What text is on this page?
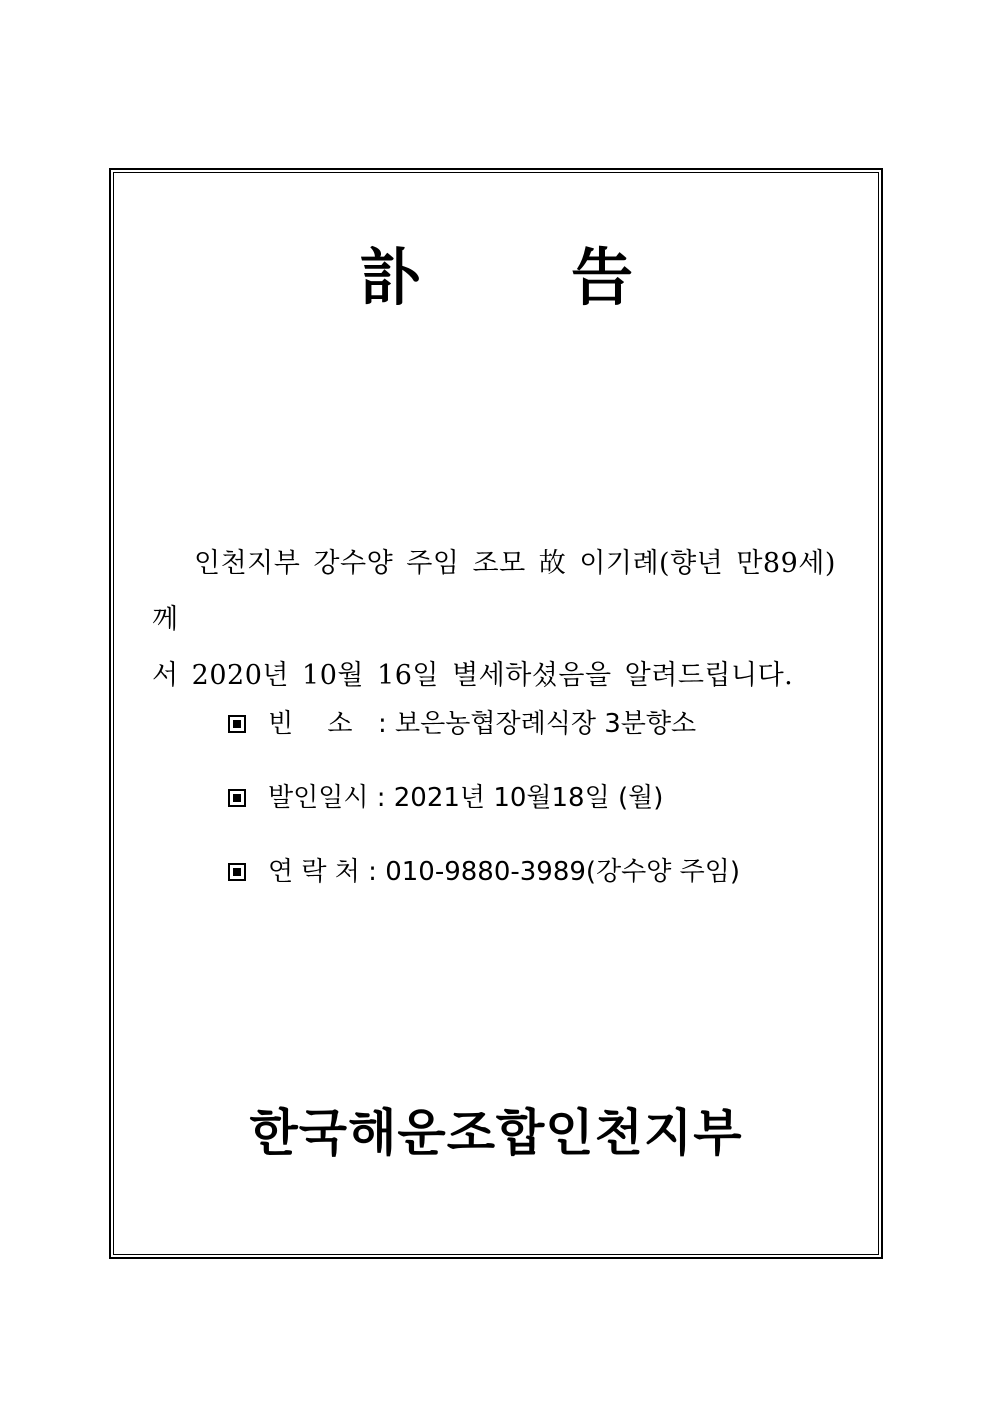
訃 告
인천지부 강수양 주임 조모 故 이기례(향년 만89세)께
서 2020년 10월 16일 별세하셨음을 알려드립니다.
빈　 소 : 보은농협장례식장 3분향소
발인일시 : 2021년 10월18일 (월)
연 락 처 : 010-9880-3989(강수양 주임)
한국해운조합인천지부
